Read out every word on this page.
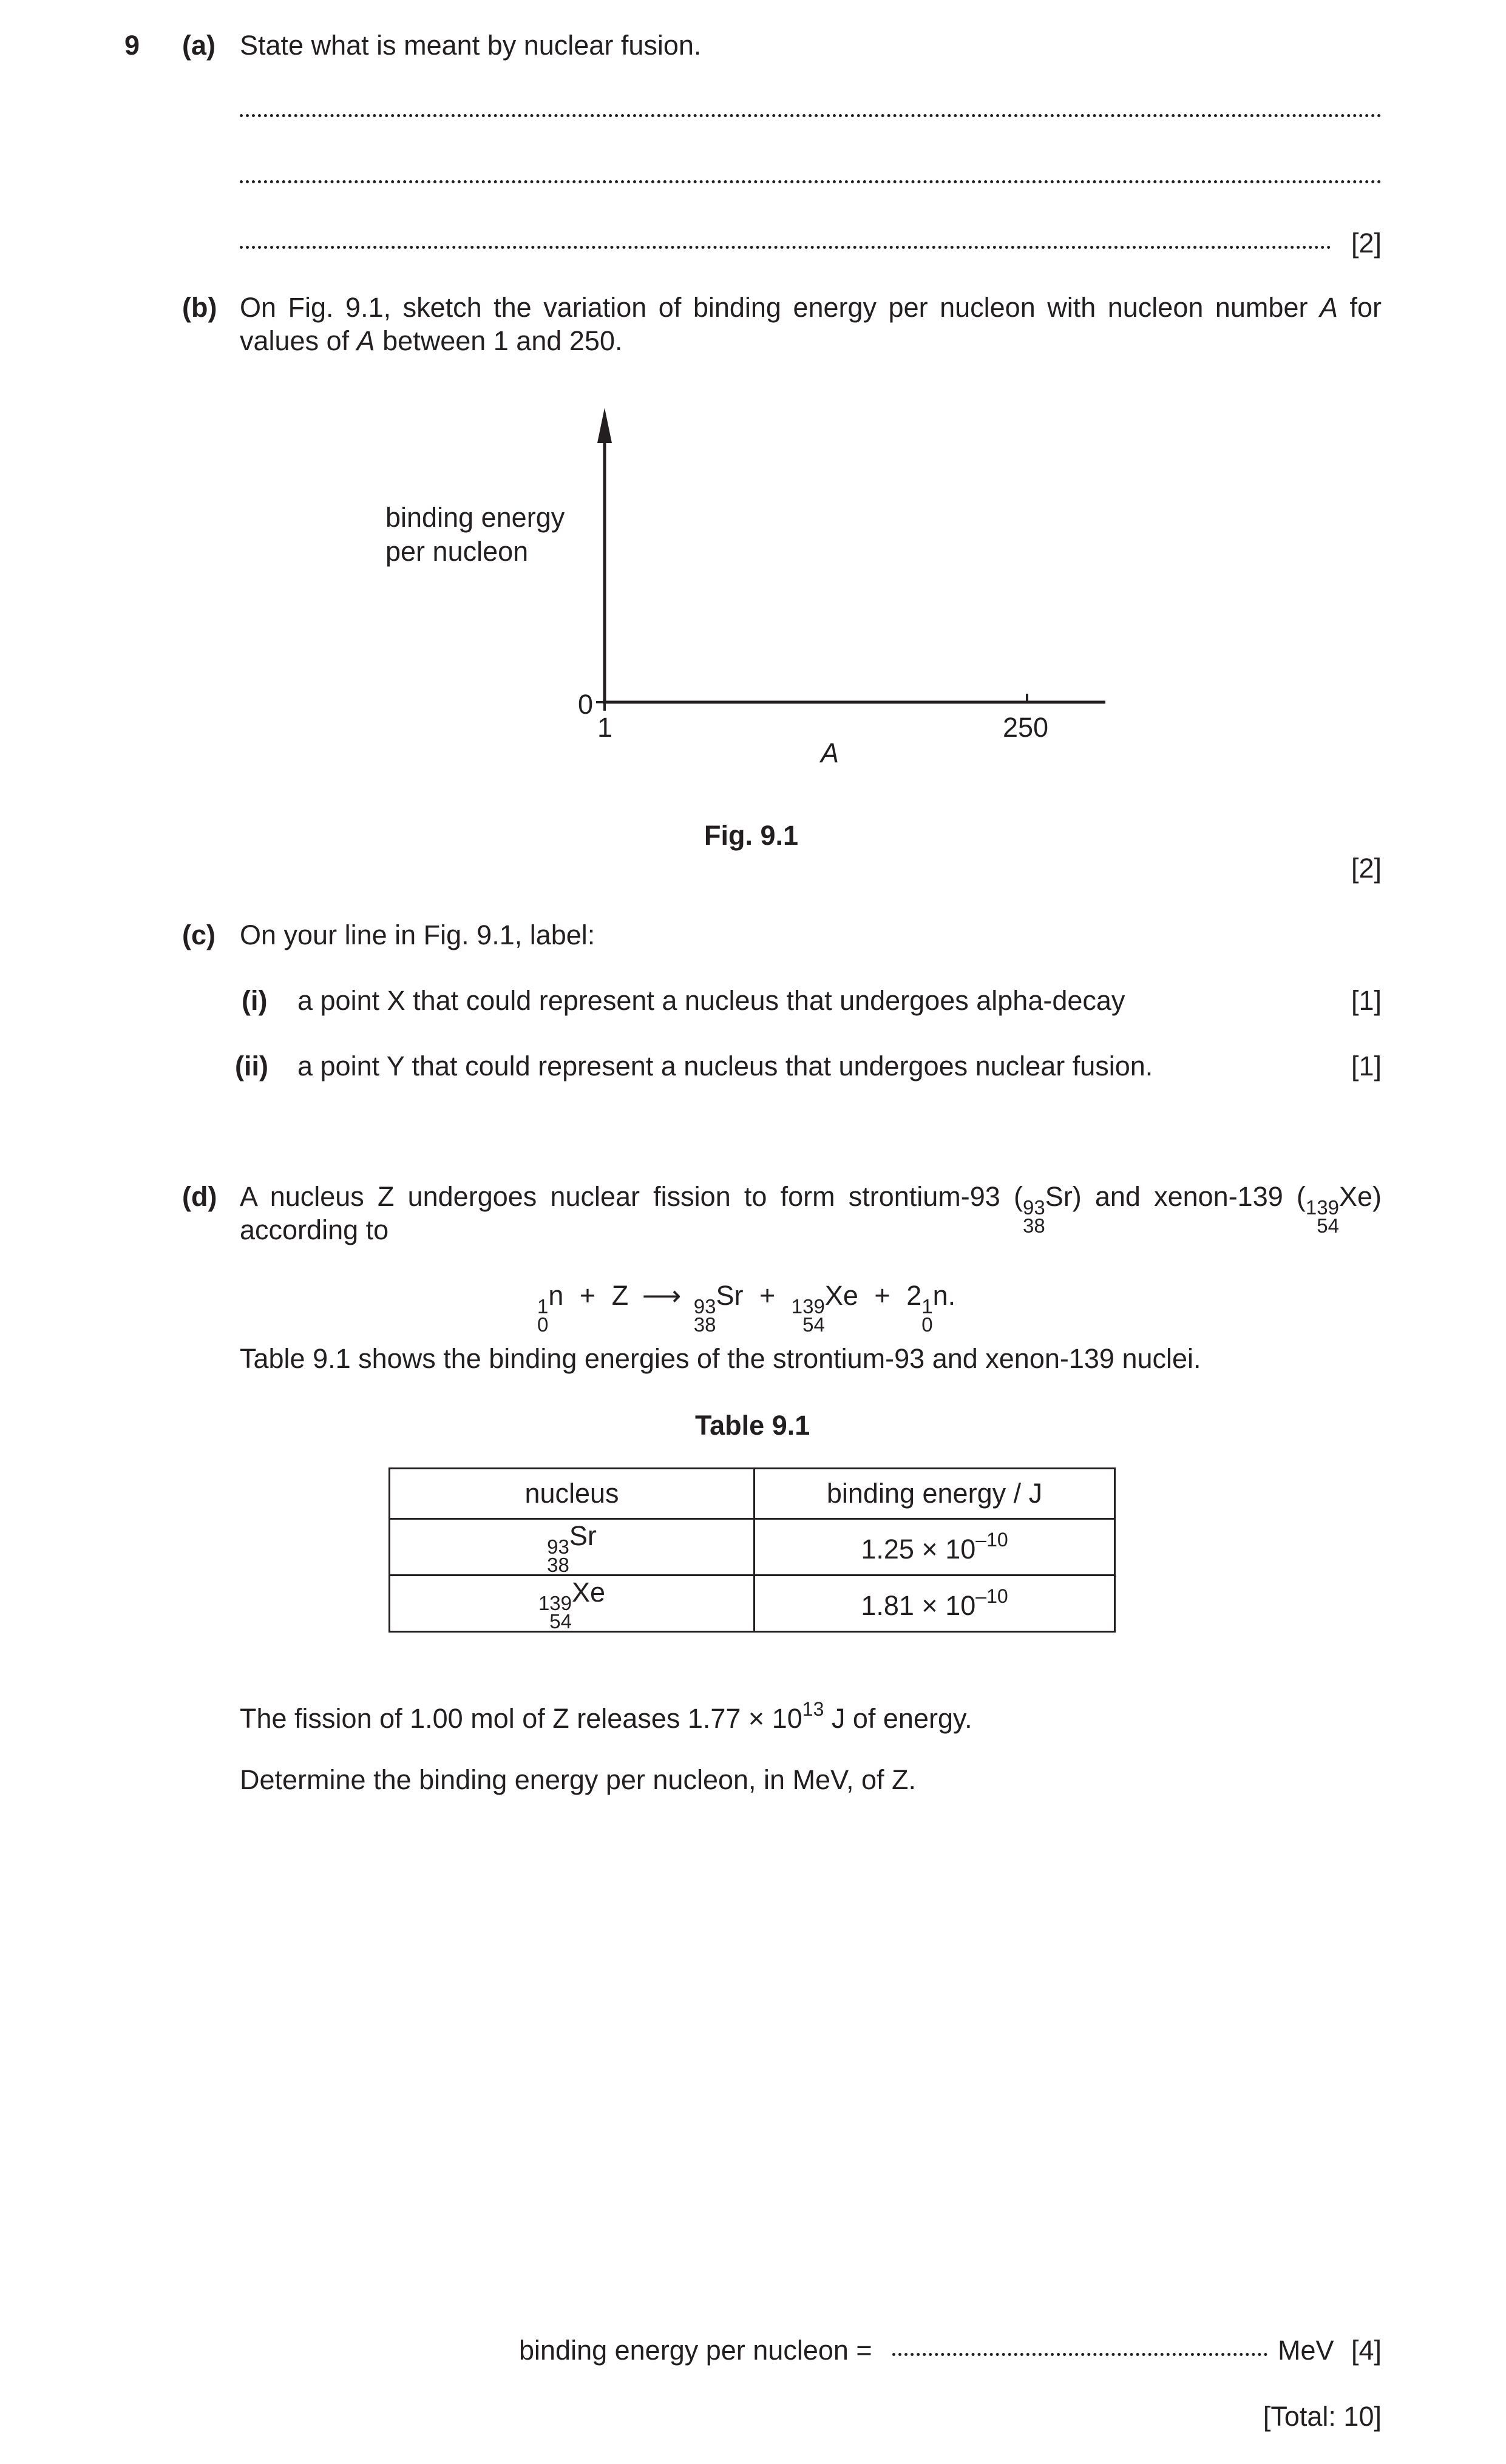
9 (a) State what is meant by nuclear fusion.
[2]
(b) On Fig. 9.1, sketch the variation of binding energy per nucleon with nucleon number A for
values of A between 1 and 250.
binding energy
per nucleon
0
1	250
A
Fig. 9.1
[2]
(c) On your line in Fig. 9.1, label:
(i) a point X that could represent a nucleus that undergoes alpha-decay	[1]
(ii) a point Y that could represent a nucleus that undergoes nuclear fusion.	[1]
(d) A nucleus Z undergoes nuclear fission to form strontium-93 ( 93
38
Sr) and xenon-139 ( 139
54
Xe)
according to
1
0
n + Z ⟶ 93
38
Sr + 139
54
Xe + 2 1
0
n.
Table 9.1 shows the binding energies of the strontium-93 and xenon-139 nuclei.
Table 9.1
nucleus	binding energy / J

93
38
Sr	$1.25 \times 10^{-10}$

139
54
Xe	$1.81 \times 10^{-10}$
The fission of 1.00 mol of Z releases $1.77 \times 10^{13}$ J of energy.
Determine the binding energy per nucleon, in MeV, of Z.
binding energy per nucleon =	MeV [4]
[Total: 10]
